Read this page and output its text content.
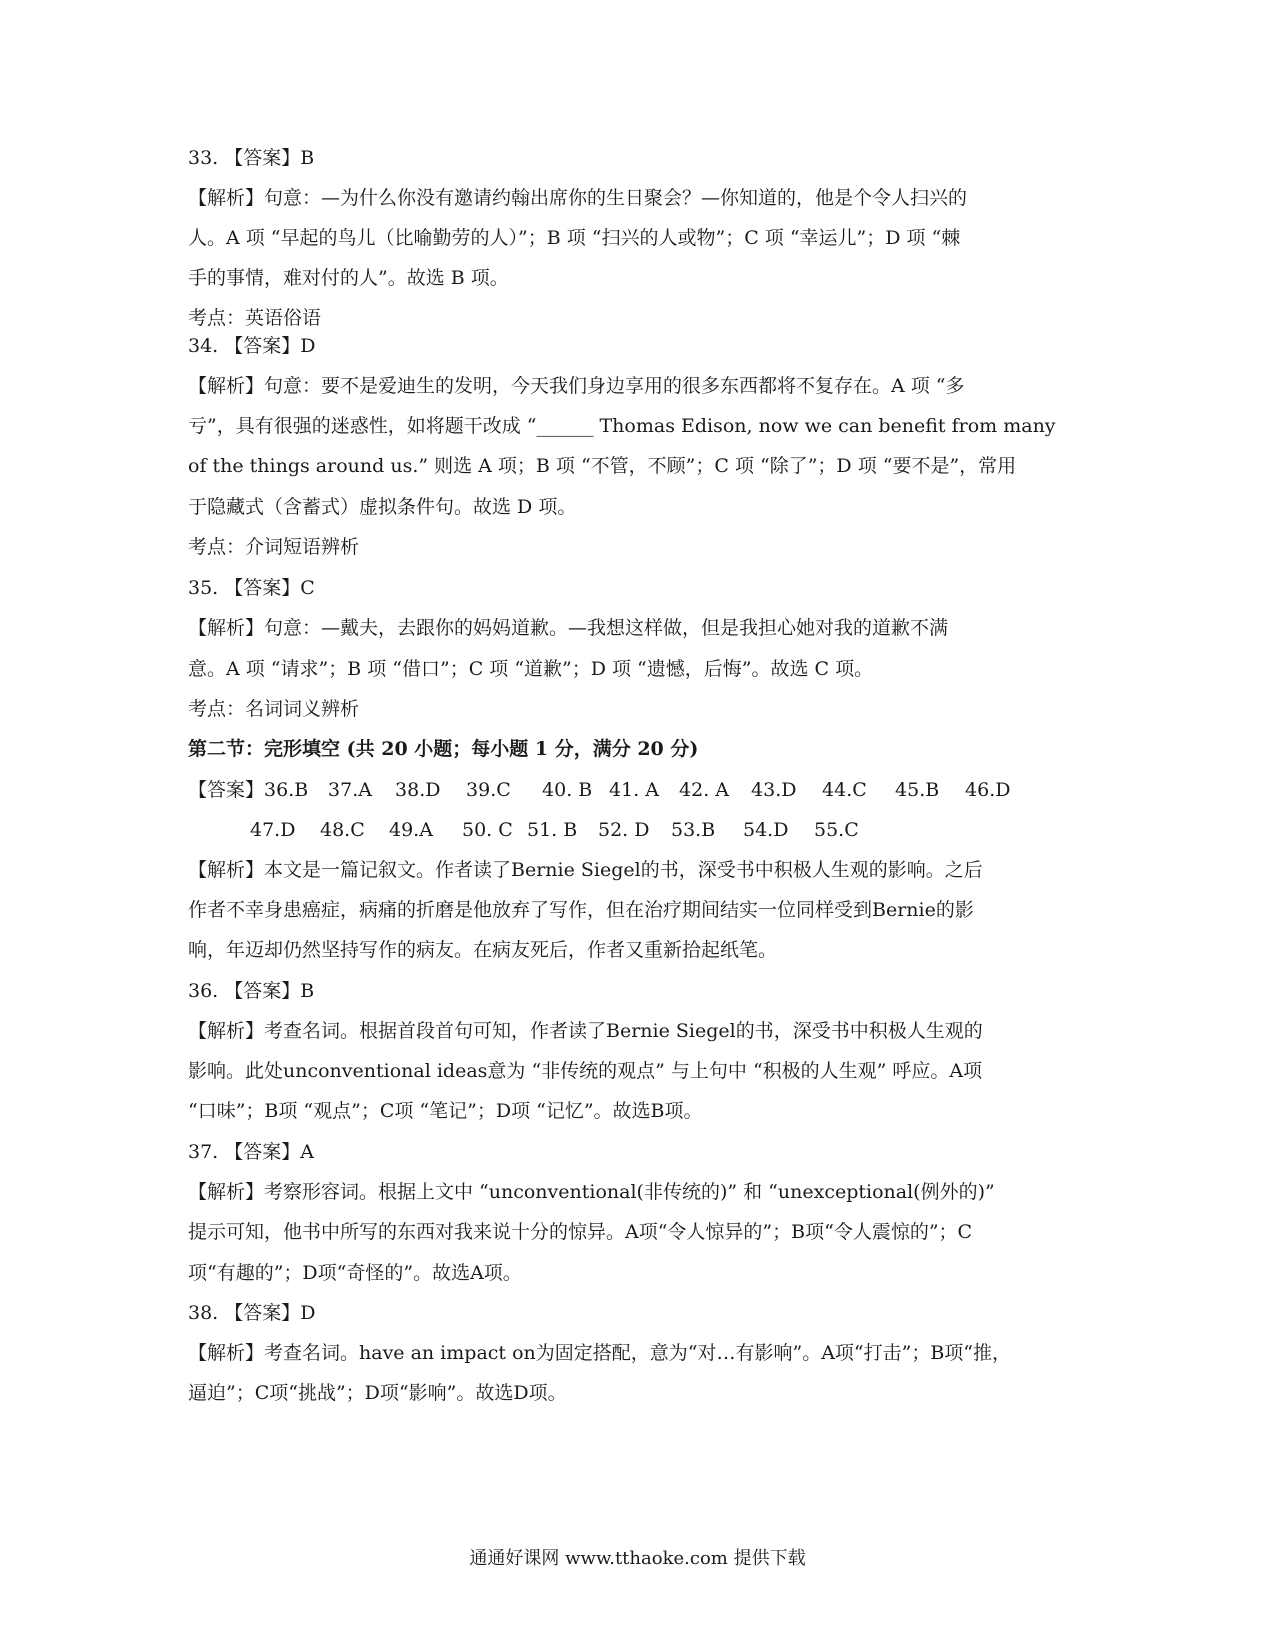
33. 【答案】B
【解析】句意：—为什么你没有邀请约翰出席你的生日聚会？—你知道的，他是个令人扫兴的
人。A 项 “早起的鸟儿（比喻勤劳的人）”；B 项 “扫兴的人或物”；C 项 “幸运儿”；D 项 “棘
手的事情，难对付的人”。故选 B 项。
考点：英语俗语
34. 【答案】D
【解析】句意：要不是爱迪生的发明，今天我们身边享用的很多东西都将不复存在。A 项 “多
亏”，具有很强的迷惑性，如将题干改成 “______ Thomas Edison, now we can benefit from many
of the things around us.” 则选 A 项；B 项 “不管，不顾”；C 项 “除了”；D 项 “要不是”，常用
于隐藏式（含蓄式）虚拟条件句。故选 D 项。
考点：介词短语辨析
35. 【答案】C
【解析】句意：—戴夫，去跟你的妈妈道歉。—我想这样做，但是我担心她对我的道歉不满
意。A 项 “请求”；B 项 “借口”；C 项 “道歉”；D 项 “遗憾，后悔”。故选 C 项。
考点：名词词义辨析
第二节：完形填空 (共 20 小题；每小题 1 分，满分 20 分)
【答案】36.B 37.A 38.D 39.C 40. B 41. A 42. A 43.D 44.C 45.B 46.D
47.D 48.C 49.A 50. C 51. B 52. D 53.B 54.D 55.C
【解析】本文是一篇记叙文。作者读了Bernie Siegel的书，深受书中积极人生观的影响。之后
作者不幸身患癌症，病痛的折磨是他放弃了写作，但在治疗期间结实一位同样受到Bernie的影
响，年迈却仍然坚持写作的病友。在病友死后，作者又重新拾起纸笔。
36. 【答案】B
【解析】考查名词。根据首段首句可知，作者读了Bernie Siegel的书，深受书中积极人生观的
影响。此处unconventional ideas意为 “非传统的观点” 与上句中 “积极的人生观” 呼应。A项
“口味”；B项 “观点”；C项 “笔记”；D项 “记忆”。故选B项。
37. 【答案】A
【解析】考察形容词。根据上文中 “unconventional(非传统的)” 和 “unexceptional(例外的)”
提示可知，他书中所写的东西对我来说十分的惊异。A项“令人惊异的”；B项“令人震惊的”；C
项“有趣的”；D项“奇怪的”。故选A项。
38. 【答案】D
【解析】考查名词。have an impact on为固定搭配，意为“对…有影响”。A项“打击”；B项“推，
逼迫”；C项“挑战”；D项“影响”。故选D项。
通通好课网 www.tthaoke.com 提供下载
